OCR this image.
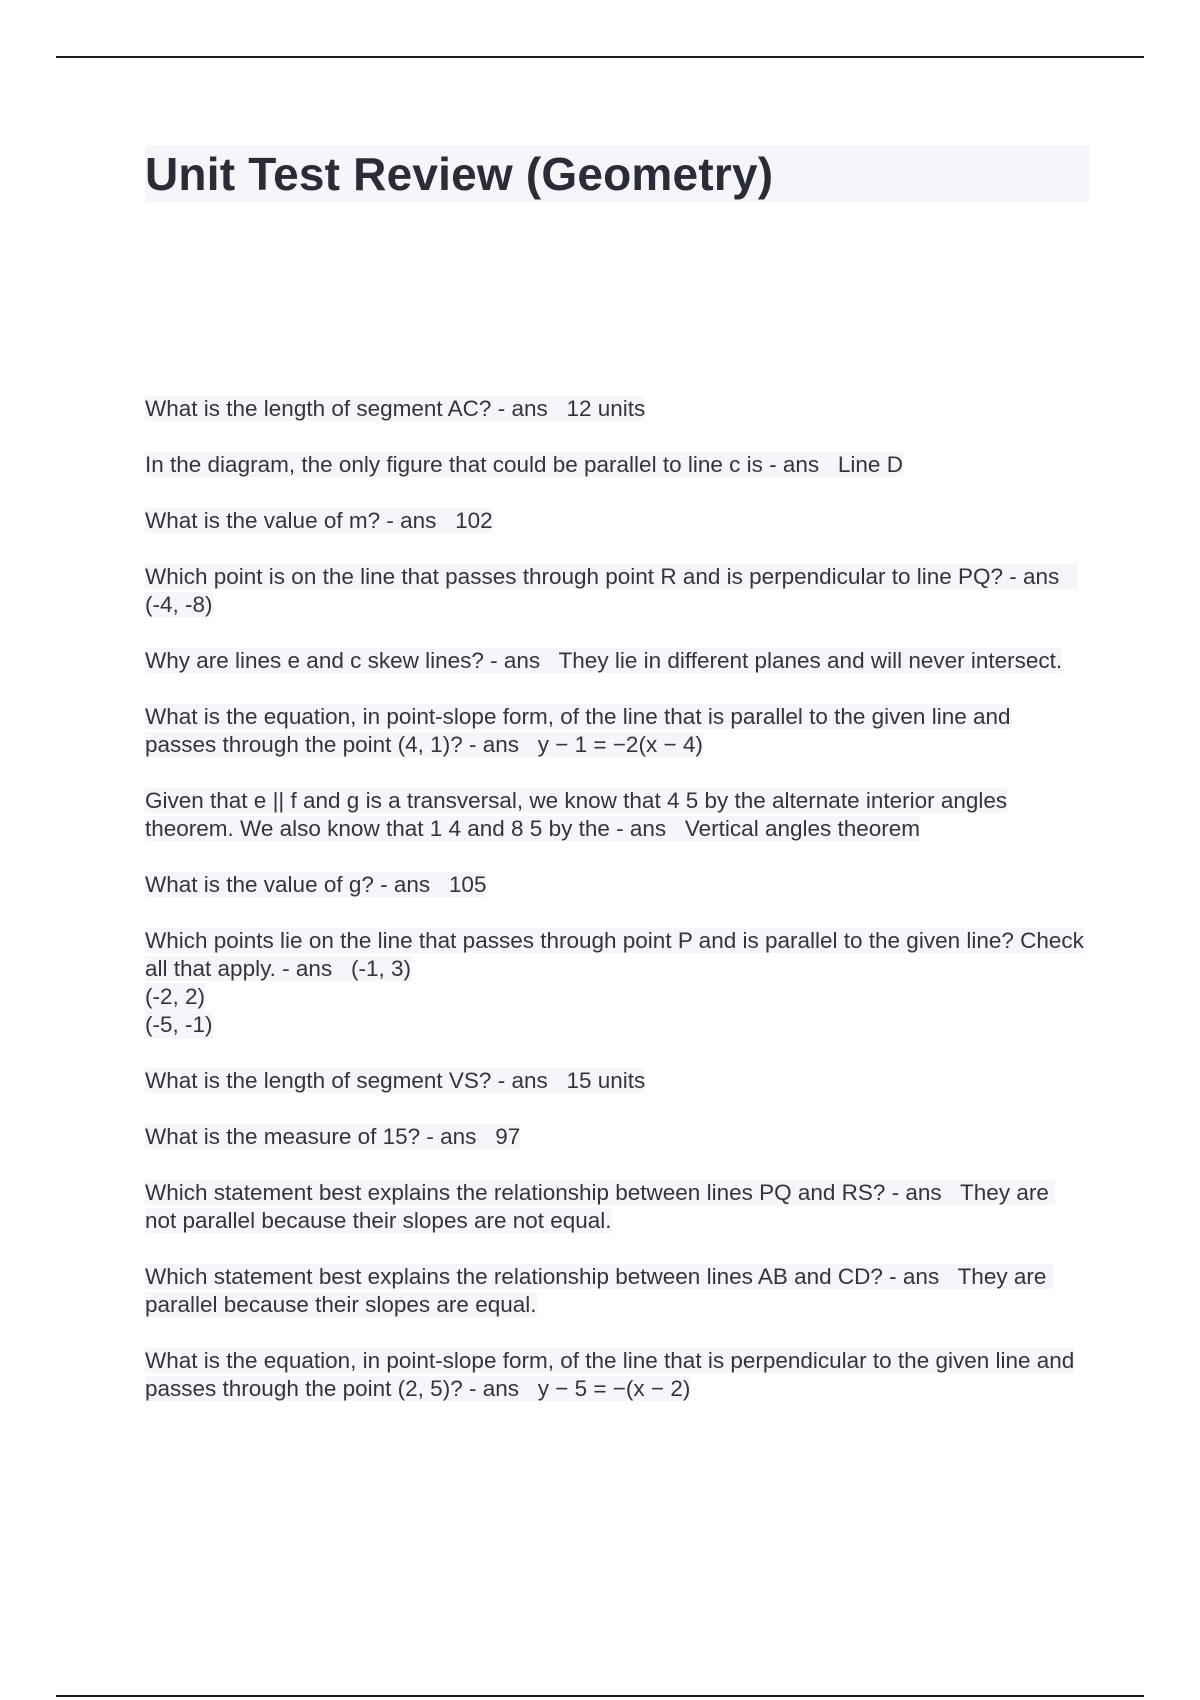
Unit Test Review (Geometry)

What is the length of segment AC? - ans 12 units

In the diagram, the only figure that could be parallel to line c is - ans Line D

What is the value of m? - ans 102

Which point is on the line that passes through point R and is perpendicular to line PQ? - ans   (-4, -8)

Why are lines e and c skew lines? - ans They lie in different planes and will never intersect.

What is the equation, in point-slope form, of the line that is parallel to the given line and passes through the point (4, 1)? - ans y − 1 = −2(x − 4)

Given that e || f and g is a transversal, we know that 4 5 by the alternate interior angles theorem. We also know that 1 4 and 8 5 by the - ans Vertical angles theorem

What is the value of g? - ans 105

Which points lie on the line that passes through point P and is parallel to the given line? Check all that apply. - ans (-1, 3)
(-2, 2)
(-5, -1)

What is the length of segment VS? - ans 15 units

What is the measure of 15? - ans 97

Which statement best explains the relationship between lines PQ and RS? - ans They are not parallel because their slopes are not equal.

Which statement best explains the relationship between lines AB and CD? - ans They are parallel because their slopes are equal.

What is the equation, in point-slope form, of the line that is perpendicular to the given line and passes through the point (2, 5)? - ans y − 5 = −(x − 2)
